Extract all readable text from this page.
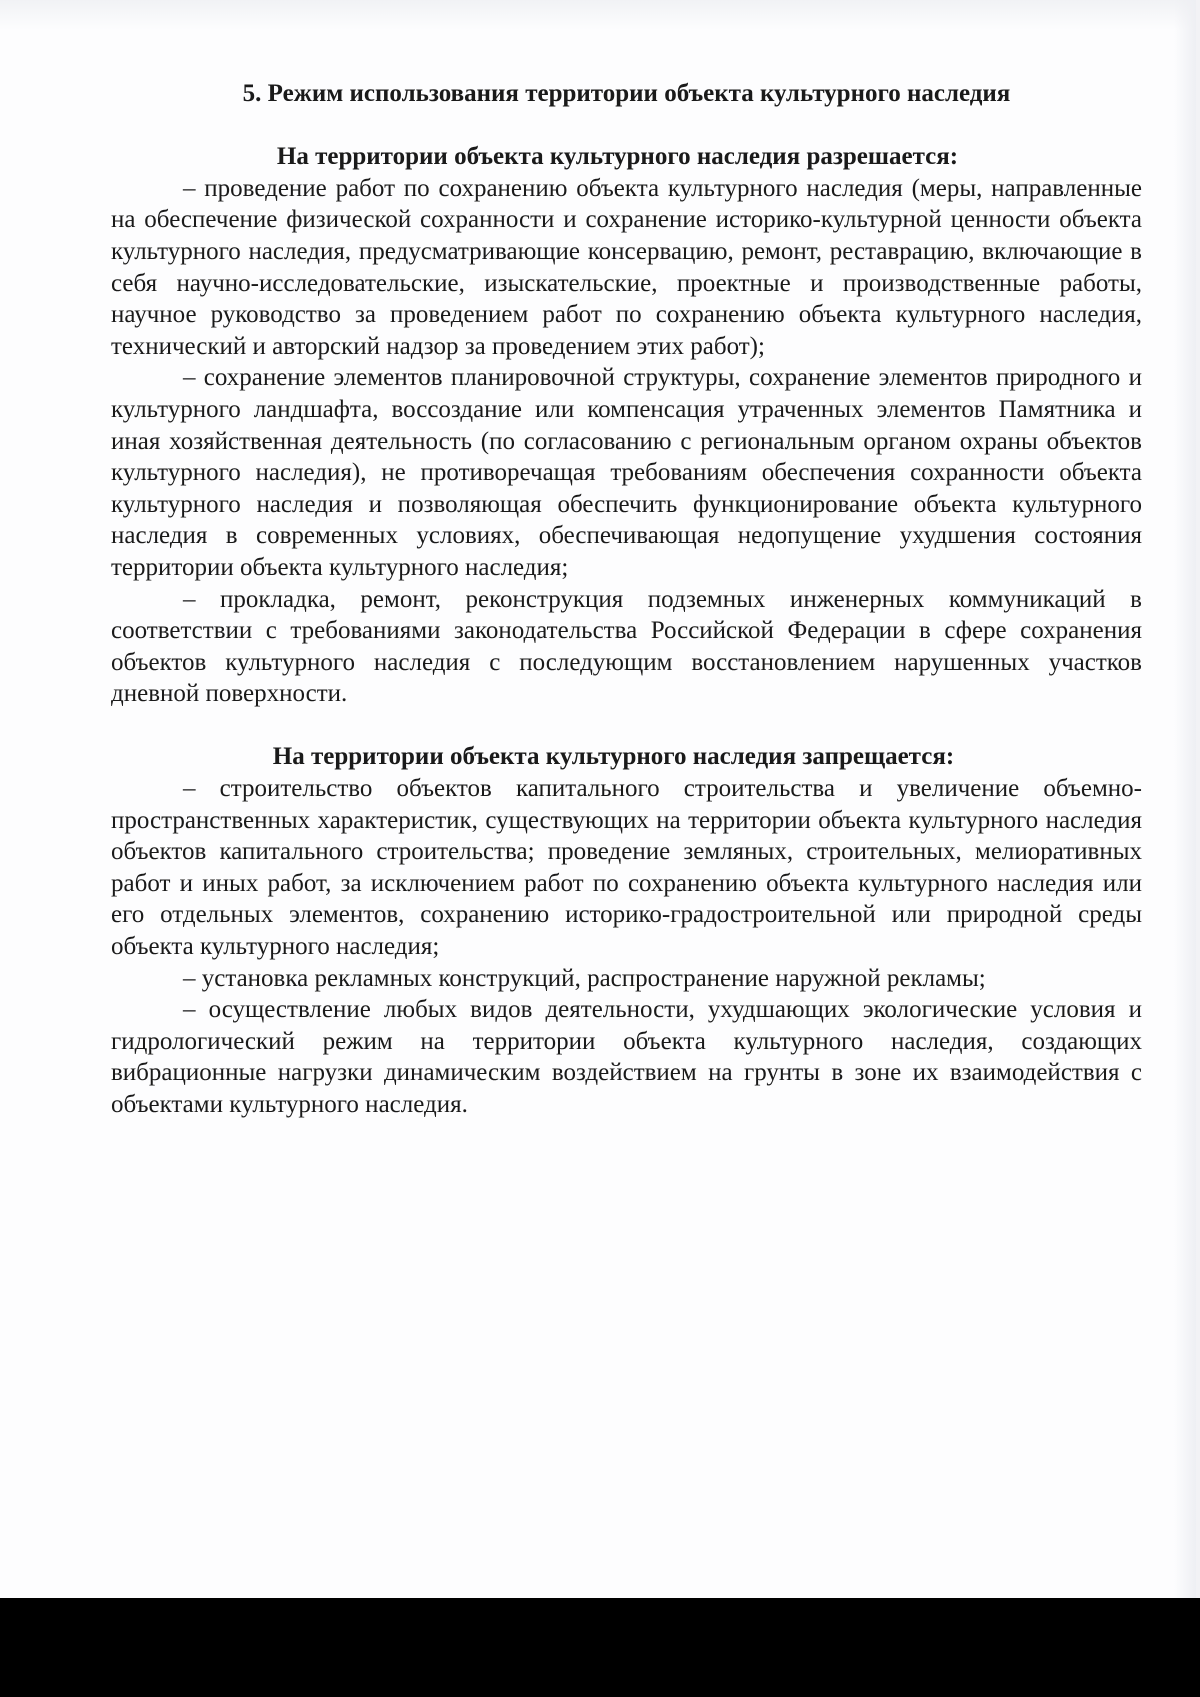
5. Режим использования территории объекта культурного наследия
На территории объекта культурного наследия разрешается:

– проведение работ по сохранению объекта культурного наследия (меры, направленные на обеспечение физической сохранности и сохранение историко-культурной ценности объекта культурного наследия, предусматривающие консервацию, ремонт, реставрацию, включающие в себя научно-исследовательские, изыскательские, проектные и производственные работы, научное руководство за проведением работ по сохранению объекта культурного наследия, технический и авторский надзор за проведением этих работ);

– сохранение элементов планировочной структуры, сохранение элементов природного и культурного ландшафта, воссоздание или компенсация утраченных элементов Памятника и иная хозяйственная деятельность (по согласованию с региональным органом охраны объектов культурного наследия), не противоречащая требованиям обеспечения сохранности объекта культурного наследия и позволяющая обеспечить функционирование объекта культурного наследия в современных условиях, обеспечивающая недопущение ухудшения состояния территории объекта культурного наследия;

– прокладка, ремонт, реконструкция подземных инженерных коммуникаций в соответствии с требованиями законодательства Российской Федерации в сфере сохранения объектов культурного наследия с последующим восстановлением нарушенных участков дневной поверхности.

На территории объекта культурного наследия запрещается:

– строительство объектов капитального строительства и увеличение объемно-пространственных характеристик, существующих на территории объекта культурного наследия объектов капитального строительства; проведение земляных, строительных, мелиоративных работ и иных работ, за исключением работ по сохранению объекта культурного наследия или его отдельных элементов, сохранению историко-градостроительной или природной среды объекта культурного наследия;

– установка рекламных конструкций, распространение наружной рекламы;

– осуществление любых видов деятельности, ухудшающих экологические условия и гидрологический режим на территории объекта культурного наследия, создающих вибрационные нагрузки динамическим воздействием на грунты в зоне их взаимодействия с объектами культурного наследия.
